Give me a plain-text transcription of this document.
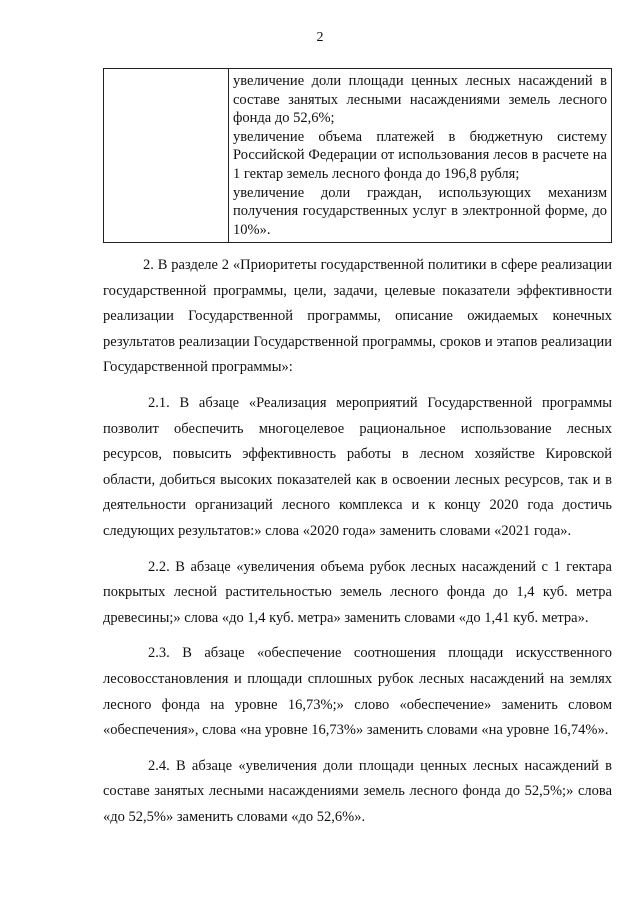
2

увеличение доли площади ценных лесных насаждений в составе занятых лесными насаждениями земель лесного фонда до 52,6%;
увеличение объема платежей в бюджетную систему Российской Федерации от использования лесов в расчете на 1 гектар земель лесного фонда до 196,8 рубля;
увеличение доли граждан, использующих механизм получения государственных услуг в электронной форме, до 10%».

2. В разделе 2 «Приоритеты государственной политики в сфере реализации государственной программы, цели, задачи, целевые показатели эффективности реализации Государственной программы, описание ожидаемых конечных результатов реализации Государственной программы, сроков и этапов реализации Государственной программы»:

2.1. В абзаце «Реализация мероприятий Государственной программы позволит обеспечить многоцелевое рациональное использование лесных ресурсов, повысить эффективность работы в лесном хозяйстве Кировской области, добиться высоких показателей как в освоении лесных ресурсов, так и в деятельности организаций лесного комплекса и к концу 2020 года достичь следующих результатов:» слова «2020 года» заменить словами «2021 года».

2.2. В абзаце «увеличения объема рубок лесных насаждений с 1 гектара покрытых лесной растительностью земель лесного фонда до 1,4 куб. метра древесины;» слова «до 1,4 куб. метра» заменить словами «до 1,41 куб. метра».

2.3. В абзаце «обеспечение соотношения площади искусственного лесовосстановления и площади сплошных рубок лесных насаждений на землях лесного фонда на уровне 16,73%;» слово «обеспечение» заменить словом «обеспечения», слова «на уровне 16,73%» заменить словами «на уровне 16,74%».

2.4. В абзаце «увеличения доли площади ценных лесных насаждений в составе занятых лесными насаждениями земель лесного фонда до 52,5%;» слова «до 52,5%» заменить словами «до 52,6%».
